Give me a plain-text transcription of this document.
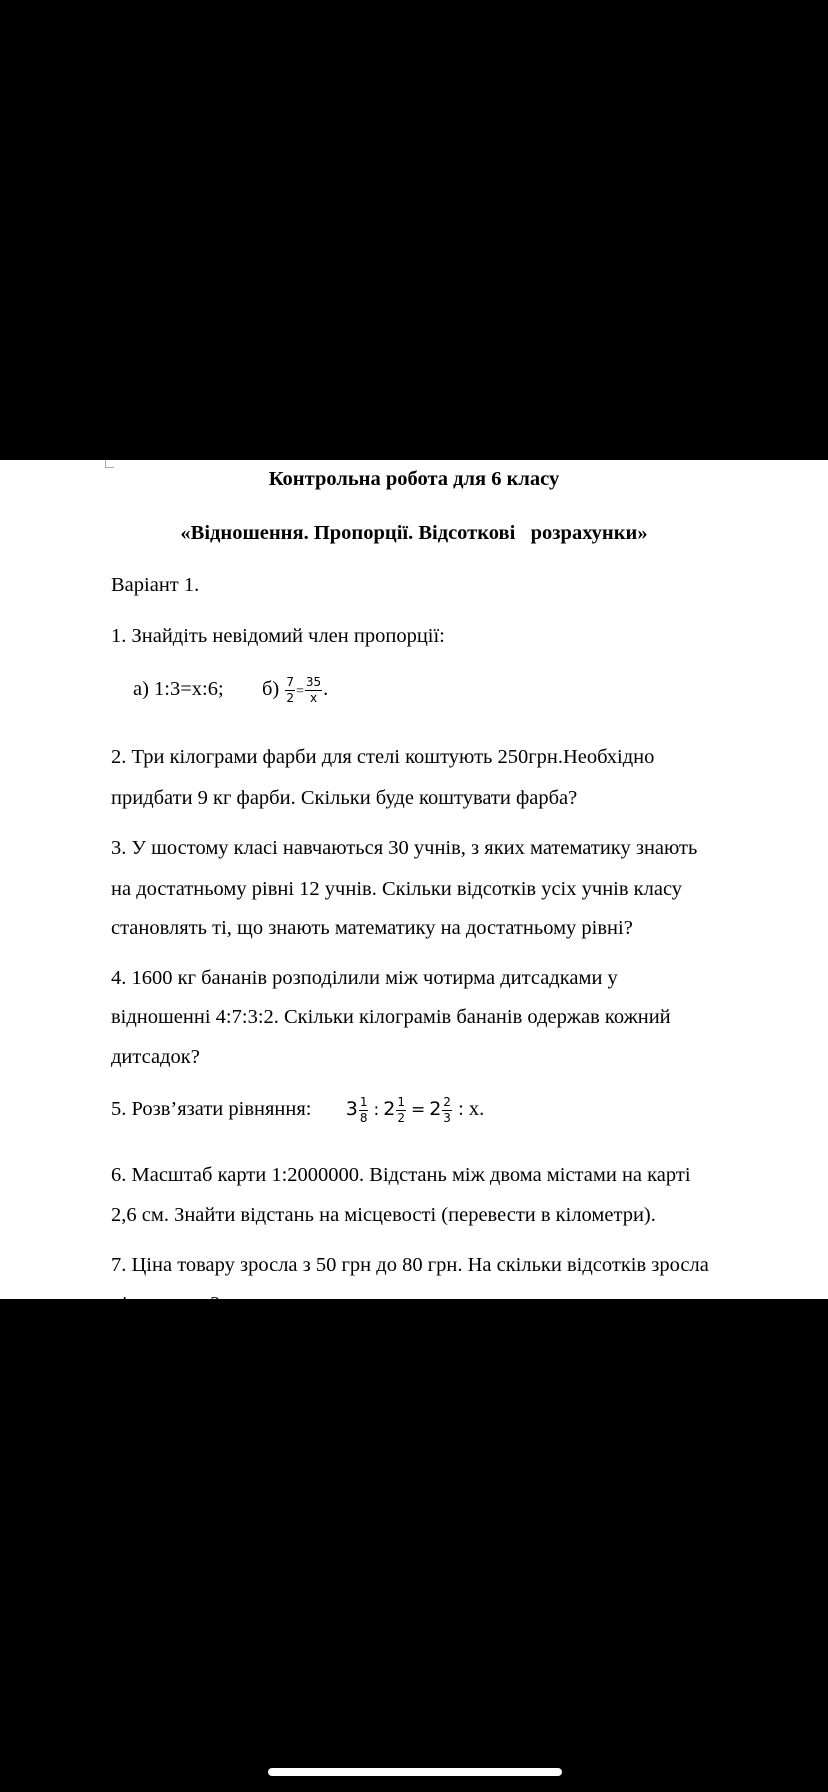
Контрольна робота для 6 класу
«Відношення. Пропорції. Відсоткові   розрахунки»
Варіант 1.
1. Знайдіть невідомий член пропорції:
а) 1:3=х:6; $б) \frac{7}{2} = \frac{35}{x}$ .
2. Три кілограми фарби для стелі коштують 250грн.Необхідно
придбати 9 кг фарби. Скільки буде коштувати фарба?
3. У шостому класі навчаються 30 учнів, з яких математику знають
на достатньому рівні 12 учнів. Скільки відсотків усіх учнів класу
становлять ті, що знають математику на достатньому рівні?
4. 1600 кг бананів розподілили між чотирма дитсадками у
відношенні 4:7:3:2. Скільки кілограмів бананів одержав кожний
дитсадок?
5. Розв’язати рівняння: $3 \frac{1}{8}$ : $2 \frac{1}{2} = 2 \frac{2}{3}$ : х.
6. Масштаб карти 1:2000000. Відстань між двома містами на карті
2,6 см. Знайти відстань на місцевості (перевести в кілометри).
7. Ціна товару зросла з 50 грн до 80 грн. На скільки відсотків зросла
ціна товару?
